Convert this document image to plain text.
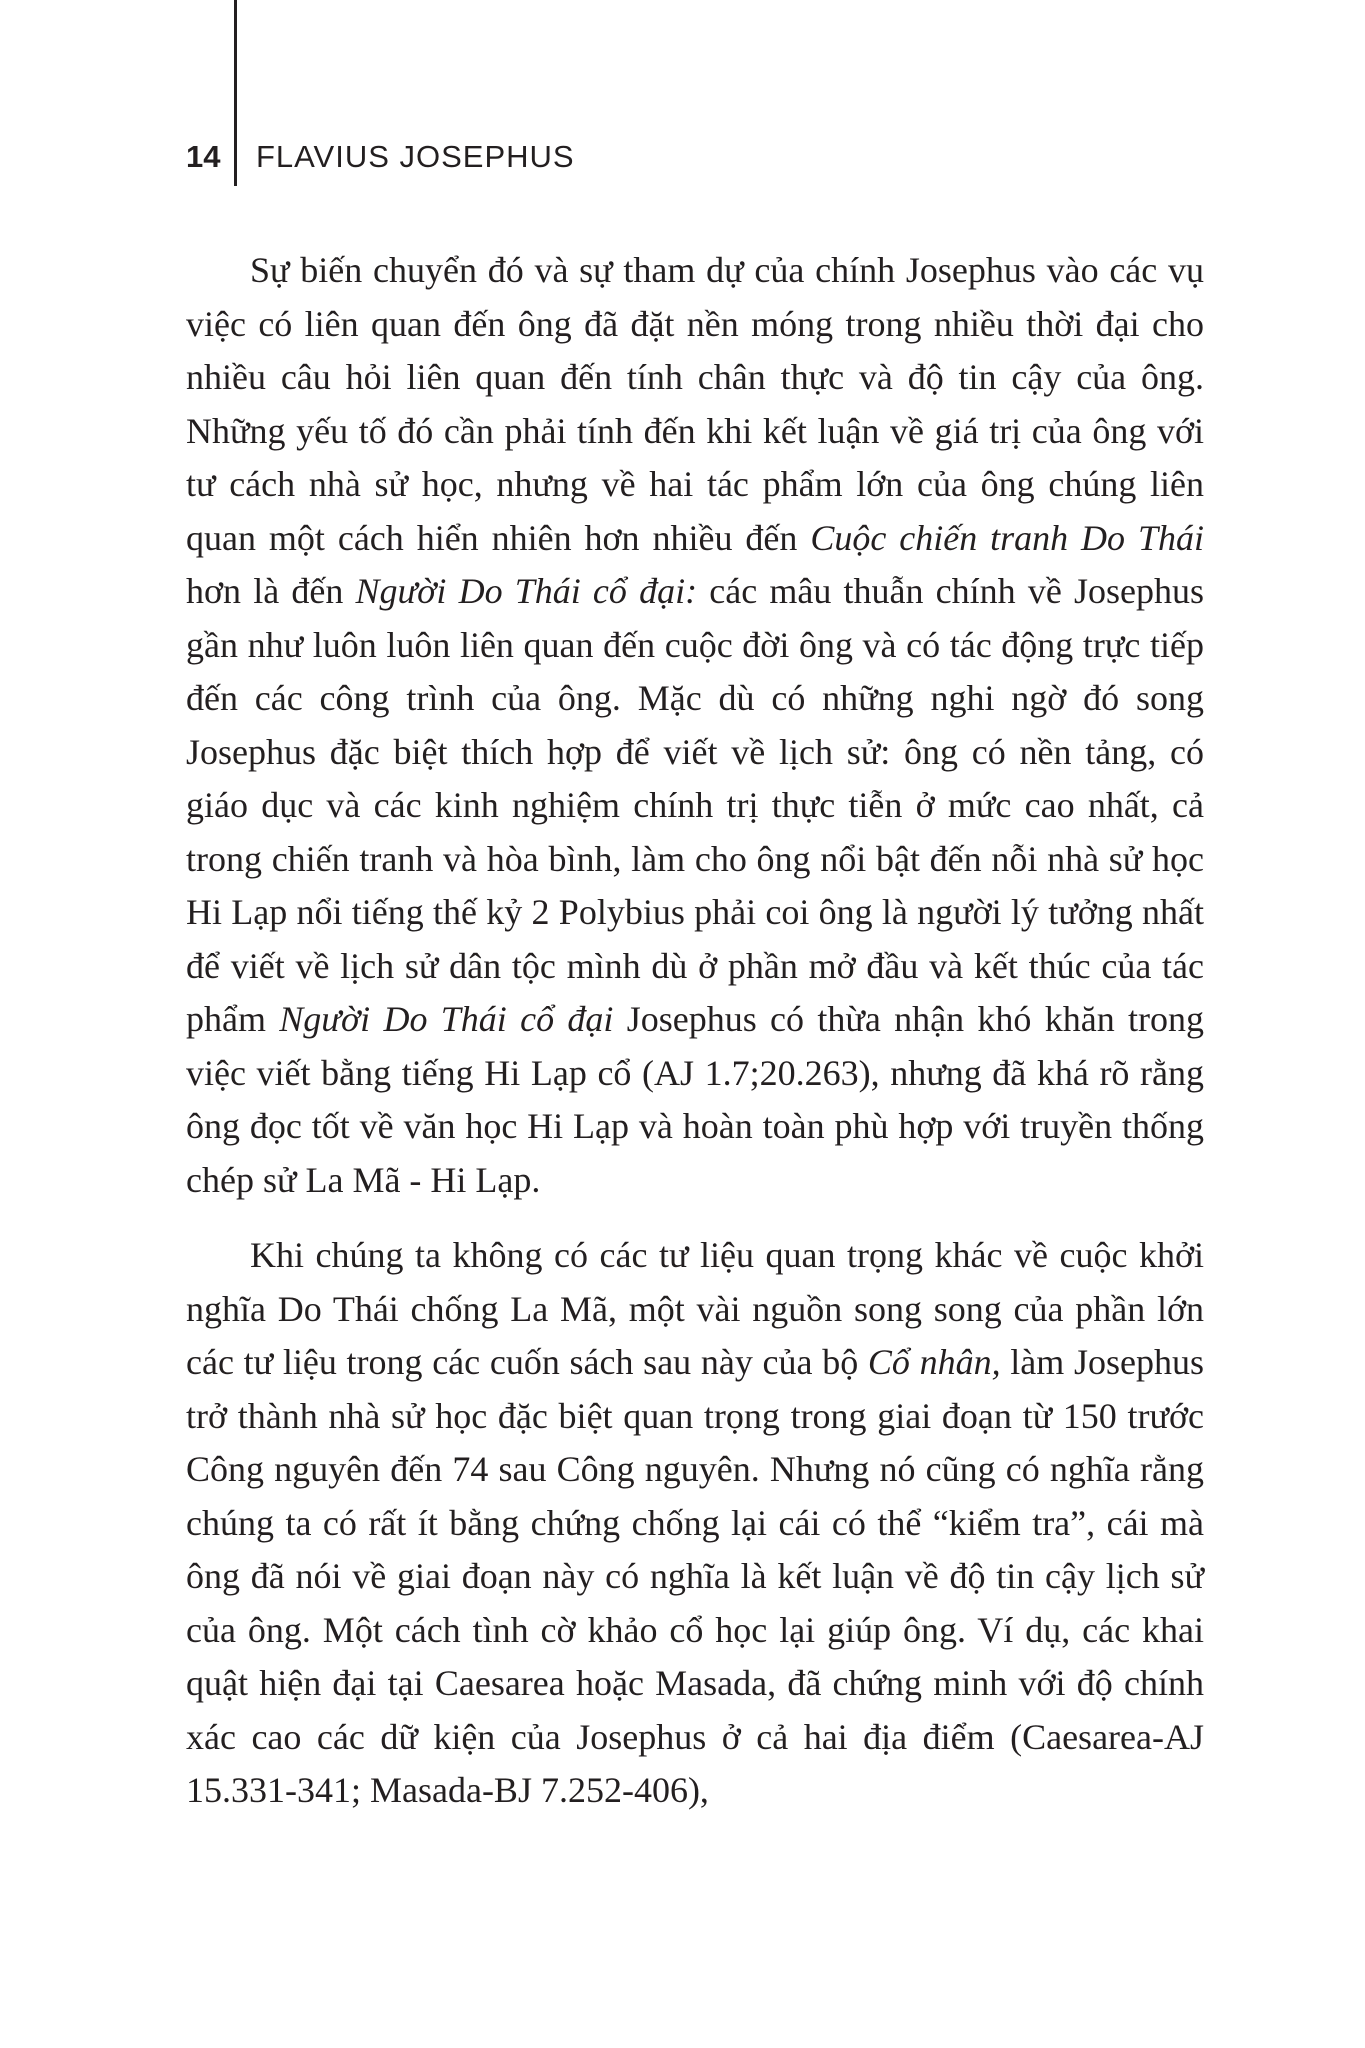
14 FLAVIUS JOSEPHUS

Sự biến chuyển đó và sự tham dự của chính Josephus vào các vụ việc có liên quan đến ông đã đặt nền móng trong nhiều thời đại cho nhiều câu hỏi liên quan đến tính chân thực và độ tin cậy của ông. Những yếu tố đó cần phải tính đến khi kết luận về giá trị của ông với tư cách nhà sử học, nhưng về hai tác phẩm lớn của ông chúng liên quan một cách hiển nhiên hơn nhiều đến Cuộc chiến tranh Do Thái hơn là đến Người Do Thái cổ đại: các mâu thuẫn chính về Josephus gần như luôn luôn liên quan đến cuộc đời ông và có tác động trực tiếp đến các công trình của ông. Mặc dù có những nghi ngờ đó song Josephus đặc biệt thích hợp để viết về lịch sử: ông có nền tảng, có giáo dục và các kinh nghiệm chính trị thực tiễn ở mức cao nhất, cả trong chiến tranh và hòa bình, làm cho ông nổi bật đến nỗi nhà sử học Hi Lạp nổi tiếng thế kỷ 2 Polybius phải coi ông là người lý tưởng nhất để viết về lịch sử dân tộc mình dù ở phần mở đầu và kết thúc của tác phẩm Người Do Thái cổ đại Josephus có thừa nhận khó khăn trong việc viết bằng tiếng Hi Lạp cổ (AJ 1.7;20.263), nhưng đã khá rõ rằng ông đọc tốt về văn học Hi Lạp và hoàn toàn phù hợp với truyền thống chép sử La Mã - Hi Lạp.

Khi chúng ta không có các tư liệu quan trọng khác về cuộc khởi nghĩa Do Thái chống La Mã, một vài nguồn song song của phần lớn các tư liệu trong các cuốn sách sau này của bộ Cổ nhân, làm Josephus trở thành nhà sử học đặc biệt quan trọng trong giai đoạn từ 150 trước Công nguyên đến 74 sau Công nguyên. Nhưng nó cũng có nghĩa rằng chúng ta có rất ít bằng chứng chống lại cái có thể “kiểm tra”, cái mà ông đã nói về giai đoạn này có nghĩa là kết luận về độ tin cậy lịch sử của ông. Một cách tình cờ khảo cổ học lại giúp ông. Ví dụ, các khai quật hiện đại tại Caesarea hoặc Masada, đã chứng minh với độ chính xác cao các dữ kiện của Josephus ở cả hai địa điểm (Caesarea-AJ 15.331-341; Masada-BJ 7.252-406),
